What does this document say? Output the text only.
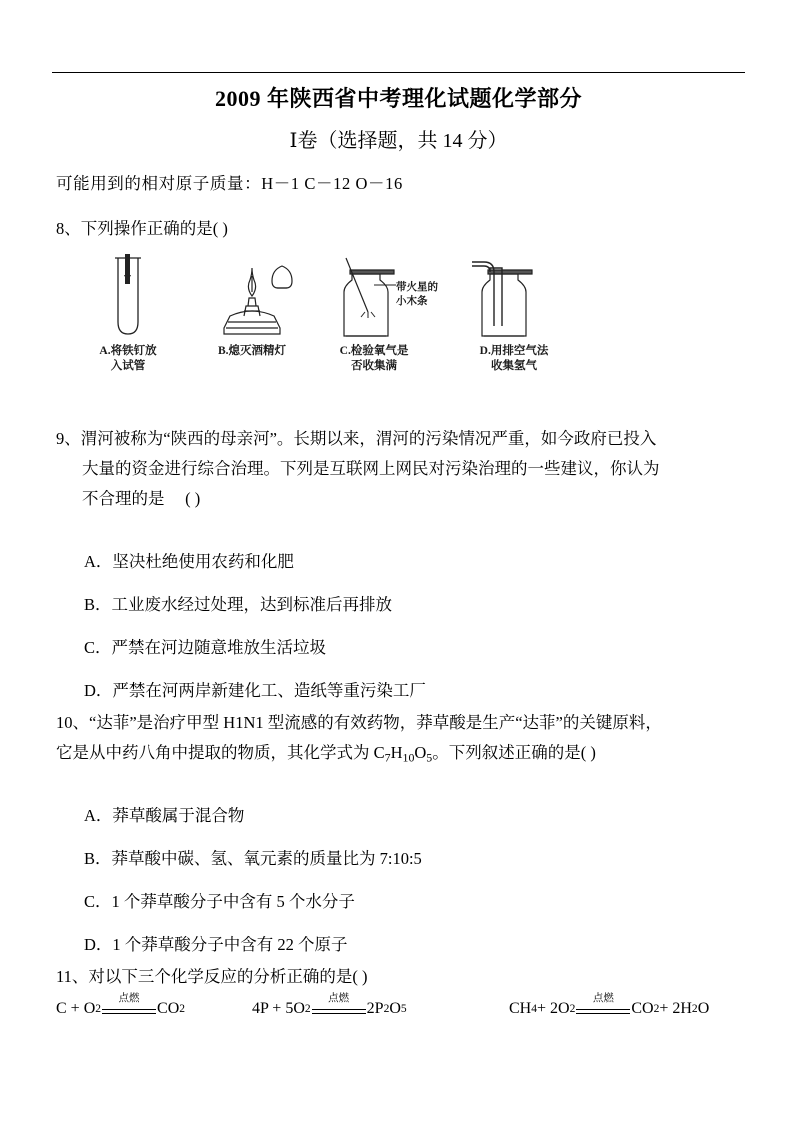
2009 年陕西省中考理化试题化学部分
Ⅰ卷（选择题，共 14 分）
可能用到的相对原子质量：H－1 C－12 O－16
8、下列操作正确的是( )
A.将铁钉放
入试管
B.熄灭酒精灯
带火星的
小木条
C.检验氧气是
否收集满
D.用排空气法
收集氢气
9、渭河被称为“陕西的母亲河”。长期以来，渭河的污染情况严重，如今政府已投入
大量的资金进行综合治理。下列是互联网上网民对污染治理的一些建议，你认为
不合理的是　 ( )
A．坚决杜绝使用农药和化肥
B．工业废水经过处理，达到标准后再排放
C．严禁在河边随意堆放生活垃圾
D．严禁在河两岸新建化工、造纸等重污染工厂
10、“达菲”是治疗甲型 H1N1 型流感的有效药物，莽草酸是生产“达菲”的关键原料，
它是从中药八角中提取的物质，其化学式为 $C_7H_{10}O_5$。下列叙述正确的是( )
A．莽草酸属于混合物
B．莽草酸中碳、氢、氧元素的质量比为 7:10:5
C．1 个莽草酸分子中含有 5 个水分子
D．1 个莽草酸分子中含有 22 个原子
11、对以下三个化学反应的分析正确的是( )
C + O 2
点燃
CO 2	4P + 5O 2
点燃
2P 2 O 5	CH 4 + 2O 2
点燃
CO 2 + 2H 2 O
